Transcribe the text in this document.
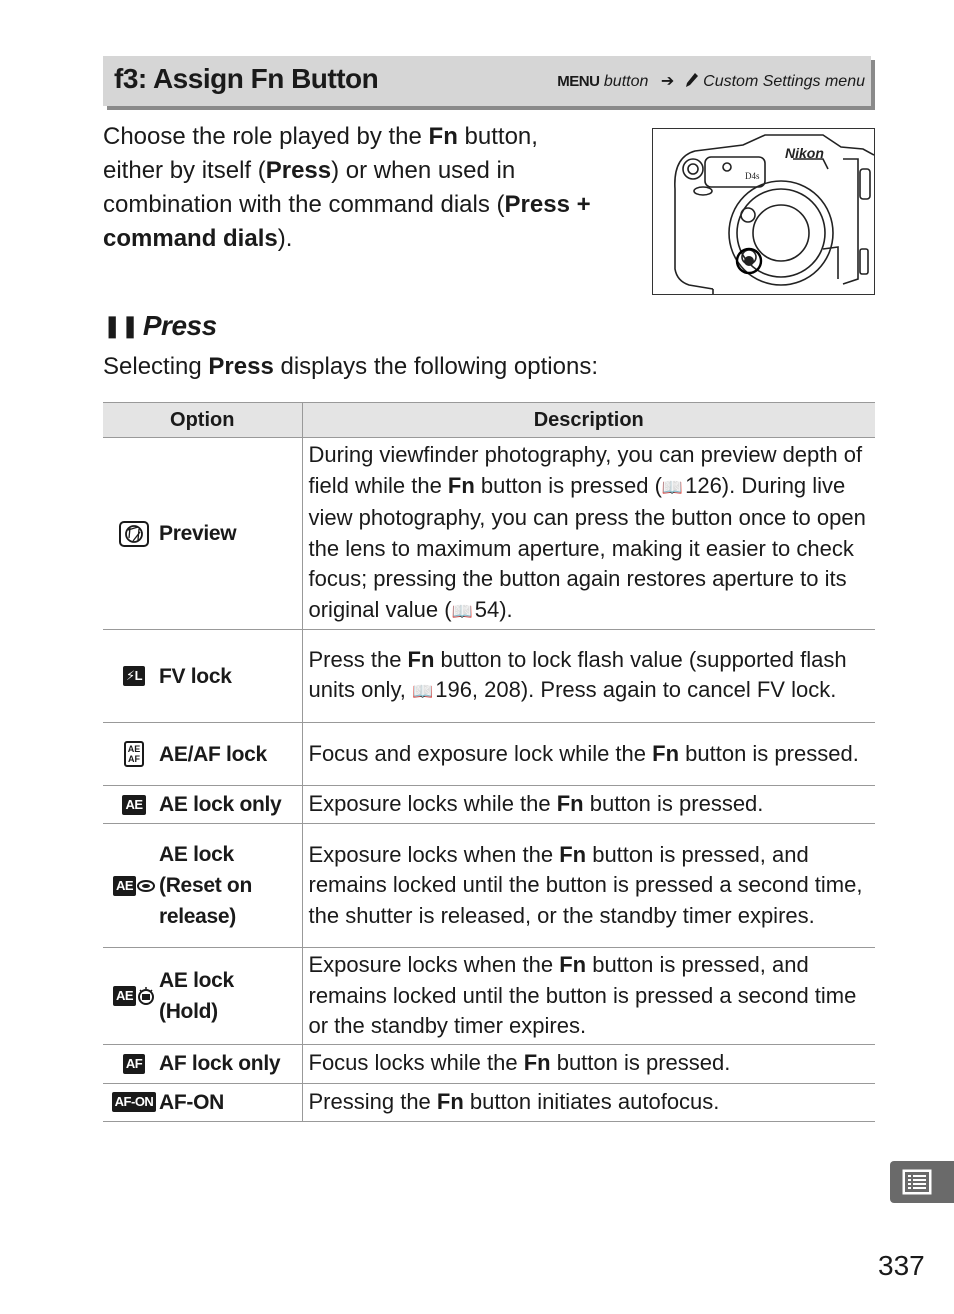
f3: Assign Fn Button	MENU button ➔ Custom Settings menu
Choose the role played by the Fn button, either by itself (Press) or when used in combination with the command dials (Press + command dials).
Nikon
D4s
❚❚ Press
Selecting Press displays the following options:
Option	Description

Preview	During viewfinder photography, you can preview depth of field while the Fn button is pressed (📖126). During live view photography, you can press the button once to open the lens to maximum aperture, making it easier to check focus; pressing the button again restores aperture to its original value (📖54).

⚡L FV lock	Press the Fn button to lock flash value (supported flash units only, 📖196, 208). Press again to cancel FV lock.

AE
AF AE/AF lock	Focus and exposure lock while the Fn button is pressed.

AE AE lock only	Exposure locks while the Fn button is pressed.

AE
AE lock (Reset on release)	Exposure locks when the Fn button is pressed, and remains locked until the button is pressed a second time, the shutter is released, or the standby timer expires.

AE
AE lock (Hold)	Exposure locks when the Fn button is pressed, and remains locked until the button is pressed a second time or the standby timer expires.

AF AF lock only	Focus locks while the Fn button is pressed.

AF-ON AF-ON	Pressing the Fn button initiates autofocus.
337
